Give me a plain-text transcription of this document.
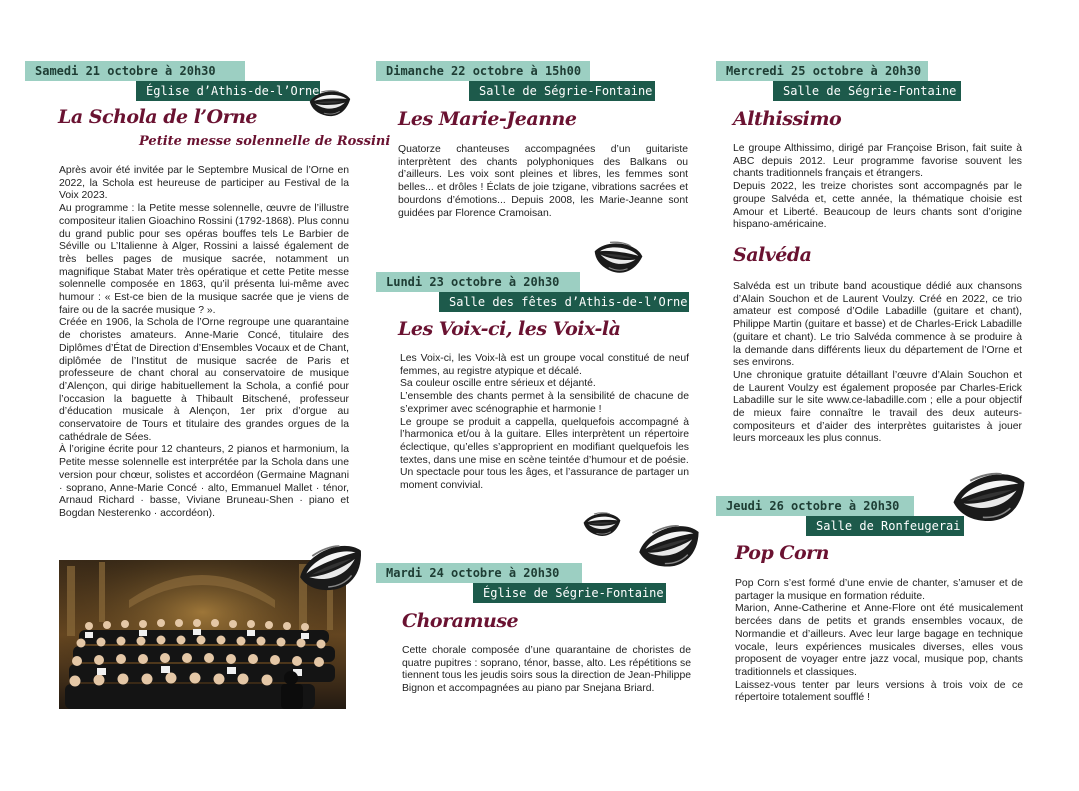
Samedi 21 octobre à 20h30
Église d’Athis-de-l’Orne
La Schola de l’Orne
Petite messe solennelle de Rossini

Après avoir été invitée par le Septembre Musical de l’Orne en 2022, la Schola est heureuse de participer au Festival de la Voix 2023.

Au programme : la Petite messe solennelle, œuvre de l’illustre compositeur italien Gioachino Rossini (1792-1868). Plus connu du grand public pour ses opéras bouffes tels Le Barbier de Séville ou L’Italienne à Alger, Rossini a laissé également de très belles pages de musique sacrée, notamment un magnifique Stabat Mater très opératique et cette Petite messe solennelle composée en 1863, qu’il présenta lui-même avec humour : « Est-ce bien de la musique sacrée que je viens de faire ou de la sacrée musique ? ».

Créée en 1906, la Schola de l’Orne regroupe une quarantaine de choristes amateurs. Anne-Marie Concé, titulaire des Diplômes d’État de Direction d’Ensembles Vocaux et de Chant, diplômée de l’Institut de musique sacrée de Paris et professeure de chant choral au conservatoire de musique d’Alençon, qui dirige habituellement la Schola, a confié pour l’occasion la baguette à Thibault Bitschené, professeur d’éducation musicale à Alençon, 1er prix d’orgue au conservatoire de Tours et titulaire des grandes orgues de la cathédrale de Sées.

À l’origine écrite pour 12 chanteurs, 2 pianos et harmonium, la Petite messe solennelle est interprétée par la Schola dans une version pour chœur, solistes et accordéon (Germaine Magnani · soprano, Anne-Marie Concé · alto, Emmanuel Mallet · ténor, Arnaud Richard · basse, Viviane Bruneau-Shen · piano et Bogdan Nesterenko · accordéon).

Dimanche 22 octobre à 15h00
Salle de Ségrie-Fontaine
Les Marie-Jeanne

Quatorze chanteuses accompagnées d’un guitariste interprètent des chants polyphoniques des Balkans ou d’ailleurs. Les voix sont pleines et libres, les femmes sont belles... et drôles ! Éclats de joie tzigane, vibrations sacrées et bourdons d’émotions... Depuis 2008, les Marie-Jeanne sont guidées par Florence Cramoisan.

Lundi 23 octobre à 20h30
Salle des fêtes d’Athis-de-l’Orne
Les Voix-ci, les Voix-là

Les Voix-ci, les Voix-là est un groupe vocal constitué de neuf femmes, au registre atypique et décalé.

Sa couleur oscille entre sérieux et déjanté.

L’ensemble des chants permet à la sensibilité de chacune de s’exprimer avec scénographie et harmonie !

Le groupe se produit a cappella, quelquefois accompagné à l’harmonica et/ou à la guitare. Elles interprètent un répertoire éclectique, qu’elles s’approprient en modifiant quelquefois les textes, dans une mise en scène teintée d’humour et de poésie.

Un spectacle pour tous les âges, et l’assurance de partager un moment convivial.

Mardi 24 octobre à 20h30
Église de Ségrie-Fontaine
Choramuse

Cette chorale composée d’une quarantaine de choristes de quatre pupitres : soprano, ténor, basse, alto. Les répétitions se tiennent tous les jeudis soirs sous la direction de Jean-Philippe Bignon et accompagnées au piano par Snejana Briard.

Mercredi 25 octobre à 20h30
Salle de Ségrie-Fontaine
Althissimo

Le groupe Althissimo, dirigé par Françoise Brison, fait suite à ABC depuis 2012. Leur programme favorise souvent les chants traditionnels français et étrangers.

Depuis 2022, les treize choristes sont accompagnés par le groupe Salvéda et, cette année, la thématique choisie est Amour et Liberté. Beaucoup de leurs chants sont d’origine hispano-américaine.

Salvéda

Salvéda est un tribute band acoustique dédié aux chansons d’Alain Souchon et de Laurent Voulzy. Créé en 2022, ce trio amateur est composé d’Odile Labadille (guitare et chant), Philippe Martin (guitare et basse) et de Charles-Erick Labadille (guitare et chant). Le trio Salvéda commence à se produire à la demande dans différents lieux du département de l’Orne et ses environs.

Une chronique gratuite détaillant l’œuvre d’Alain Souchon et de Laurent Voulzy est également proposée par Charles-Erick Labadille sur le site www.ce-labadille.com ; elle a pour objectif de mieux faire connaître le travail des deux auteurs-compositeurs et d’aider des interprètes guitaristes à jouer leurs morceaux les plus connus.

Jeudi 26 octobre à 20h30
Salle de Ronfeugerai
Pop Corn

Pop Corn s’est formé d’une envie de chanter, s’amuser et de partager la musique en formation réduite.

Marion, Anne-Catherine et Anne-Flore ont été musicalement bercées dans de petits et grands ensembles vocaux, de Normandie et d’ailleurs. Avec leur large bagage en technique vocale, leurs expériences musicales diverses, elles vous proposent de voyager entre jazz vocal, musique pop, chants traditionnels et classiques.

Laissez-vous tenter par leurs versions à trois voix de ce répertoire totalement soufflé !
